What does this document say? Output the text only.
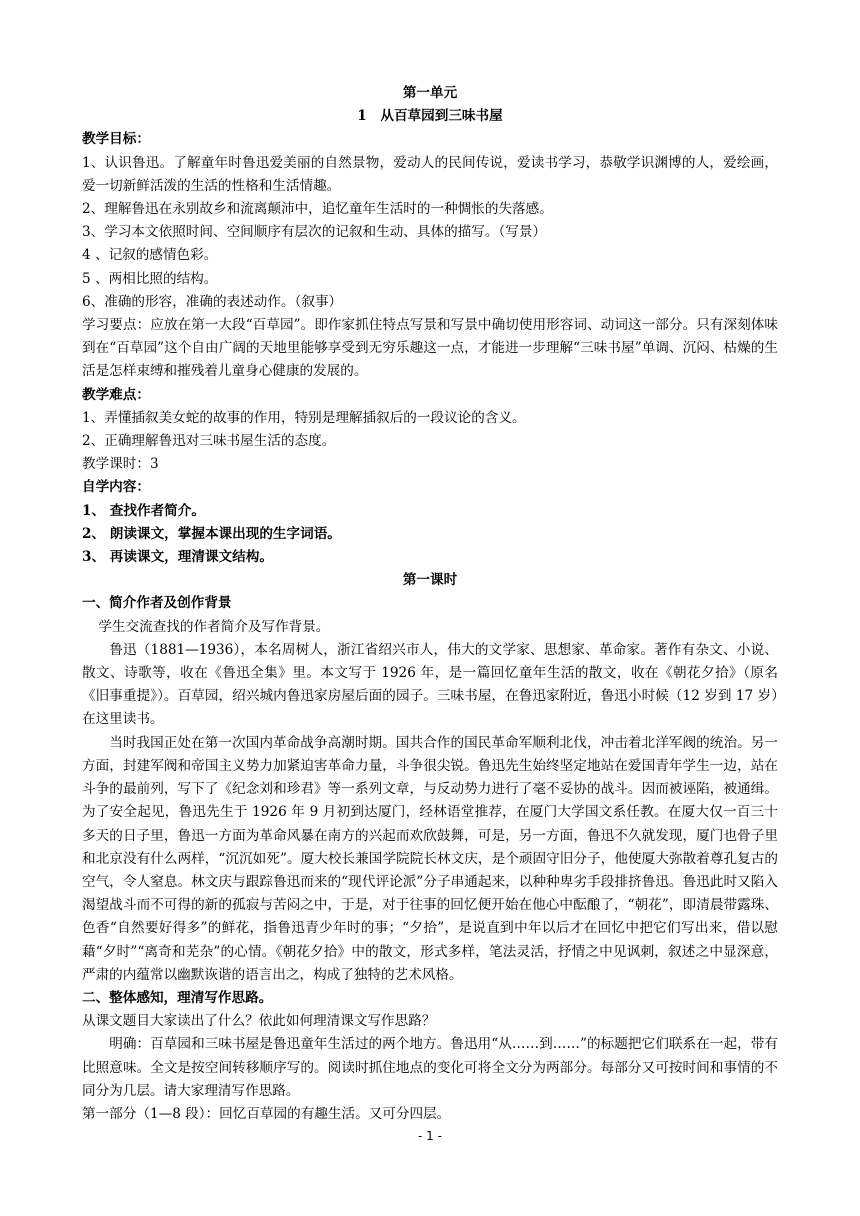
第一单元

1　从百草园到三味书屋

教学目标：

1、认识鲁迅。了解童年时鲁迅爱美丽的自然景物，爱动人的民间传说，爱读书学习，恭敬学识渊博的人，爱绘画，爱一切新鲜活泼的生活的性格和生活情趣。

2、理解鲁迅在永别故乡和流离颠沛中，追忆童年生活时的一种惆怅的失落感。

3、学习本文依照时间、空间顺序有层次的记叙和生动、具体的描写。（写景）

4 、记叙的感情色彩。

5 、两相比照的结构。

6、准确的形容，准确的表述动作。（叙事）

学习要点：应放在第一大段“百草园”。即作家抓住特点写景和写景中确切使用形容词、动词这一部分。只有深刻体味到在“百草园”这个自由广阔的天地里能够享受到无穷乐趣这一点，才能进一步理解“三味书屋”单调、沉闷、枯燥的生活是怎样束缚和摧残着儿童身心健康的发展的。

教学难点：

1、弄懂插叙美女蛇的故事的作用，特别是理解插叙后的一段议论的含义。

2、正确理解鲁迅对三味书屋生活的态度。

教学课时：3

自学内容：

1、 查找作者简介。

2、 朗读课文，掌握本课出现的生字词语。

3、 再读课文，理清课文结构。

第一课时

一、简介作者及创作背景

学生交流查找的作者简介及写作背景。

鲁迅（1881—1936），本名周树人，浙江省绍兴市人，伟大的文学家、思想家、革命家。著作有杂文、小说、散文、诗歌等，收在《鲁迅全集》里。本文写于 1926 年，是一篇回忆童年生活的散文，收在《朝花夕拾》（原名《旧事重提》）。百草园，绍兴城内鲁迅家房屋后面的园子。三味书屋，在鲁迅家附近，鲁迅小时候（12 岁到 17 岁）在这里读书。

当时我国正处在第一次国内革命战争高潮时期。国共合作的国民革命军顺利北伐，冲击着北洋军阀的统治。另一方面，封建军阀和帝国主义势力加紧迫害革命力量，斗争很尖锐。鲁迅先生始终坚定地站在爱国青年学生一边，站在斗争的最前列，写下了《纪念刘和珍君》等一系列文章，与反动势力进行了毫不妥协的战斗。因而被诬陷，被通缉。为了安全起见，鲁迅先生于 1926 年 9 月初到达厦门，经林语堂推荐，在厦门大学国文系任教。在厦大仅一百三十多天的日子里，鲁迅一方面为革命风暴在南方的兴起而欢欣鼓舞，可是，另一方面，鲁迅不久就发现，厦门也骨子里和北京没有什么两样，“沉沉如死”。厦大校长兼国学院院长林文庆，是个顽固守旧分子，他使厦大弥散着尊孔复古的空气，令人窒息。林文庆与跟踪鲁迅而来的“现代评论派”分子串通起来，以种种卑劣手段排挤鲁迅。鲁迅此时又陷入渴望战斗而不可得的新的孤寂与苦闷之中，于是，对于往事的回忆便开始在他心中酝酿了，“朝花”，即清晨带露珠、色香“自然要好得多”的鲜花，指鲁迅青少年时的事；“夕拾”，是说直到中年以后才在回忆中把它们写出来，借以慰藉“夕时”“离奇和芜杂”的心情。《朝花夕拾》中的散文，形式多样，笔法灵活，抒情之中见讽刺，叙述之中显深意，严肃的内蕴常以幽默诙谐的语言出之，构成了独特的艺术风格。

二、整体感知，理清写作思路。

从课文题目大家读出了什么？依此如何理清课文写作思路？

明确：百草园和三味书屋是鲁迅童年生活过的两个地方。鲁迅用“从……到……”的标题把它们联系在一起，带有比照意味。全文是按空间转移顺序写的。阅读时抓住地点的变化可将全文分为两部分。每部分又可按时间和事情的不同分为几层。请大家理清写作思路。

第一部分（1—8 段）：回忆百草园的有趣生活。又可分四层。

- 1 -
